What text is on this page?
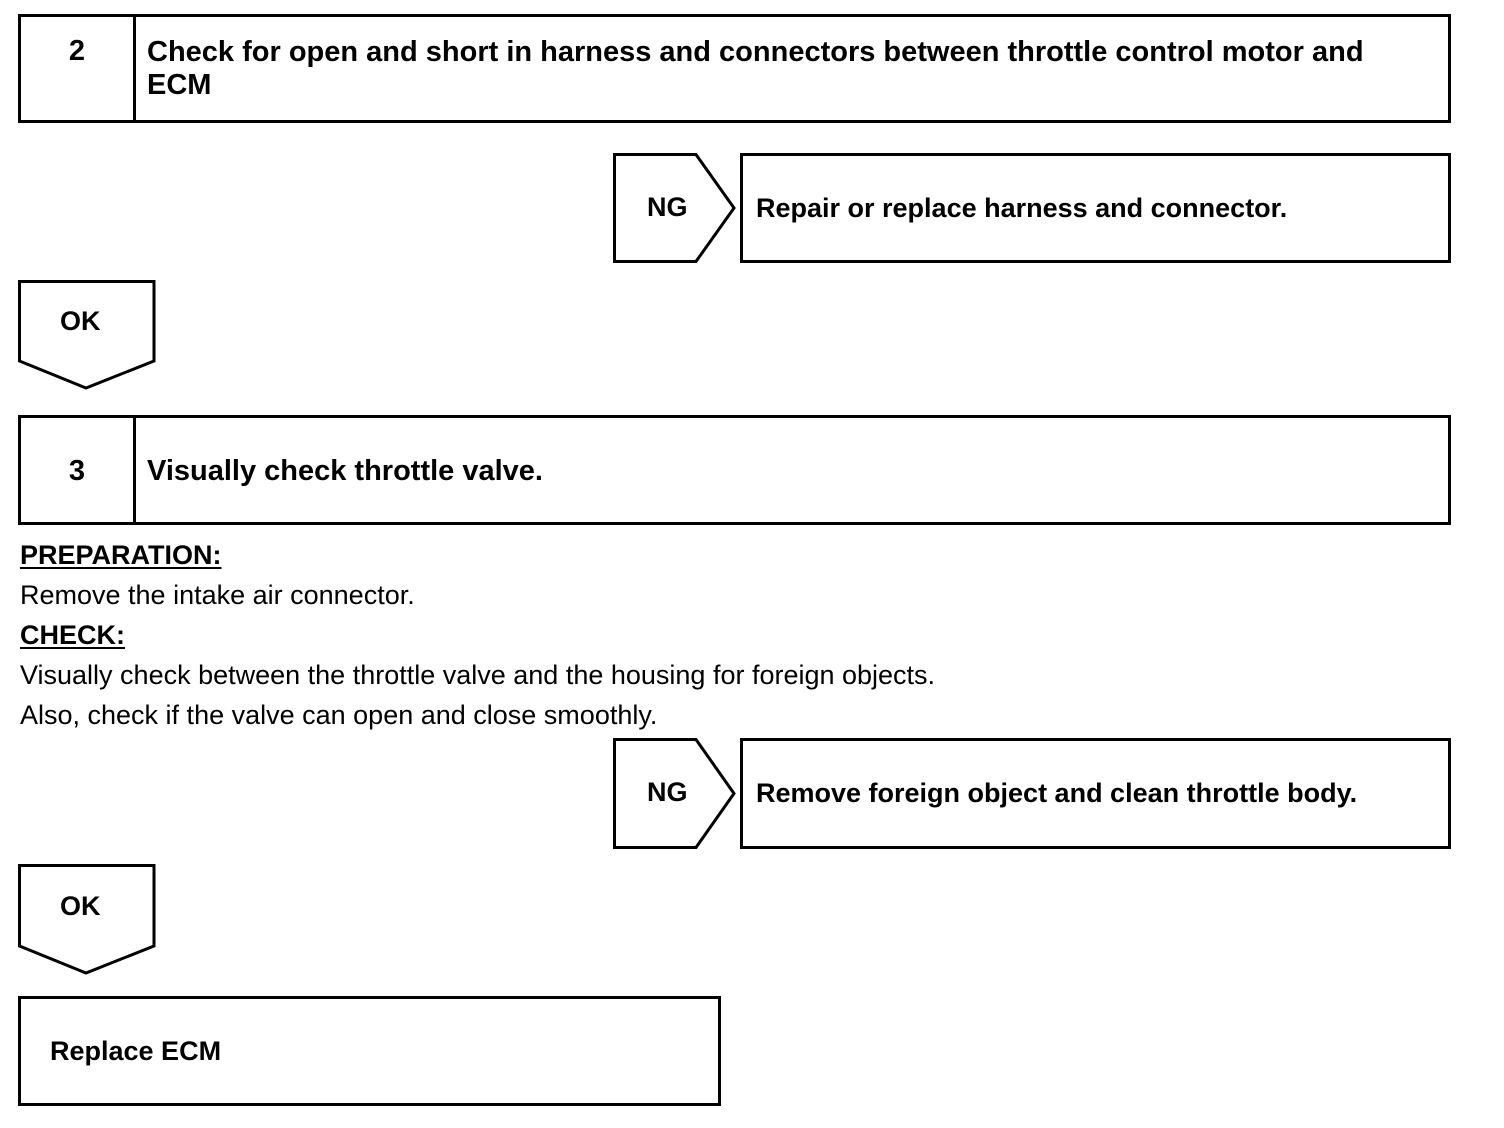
2	Check for open and short in harness and connectors between throttle control motor and ECM
NG	Repair or replace harness and connector.
OK
3	Visually check throttle valve.
PREPARATION:
Remove the intake air connector.
CHECK:
Visually check between the throttle valve and the housing for foreign objects.
Also, check if the valve can open and close smoothly.
NG	Remove foreign object and clean throttle body.
OK
Replace ECM
